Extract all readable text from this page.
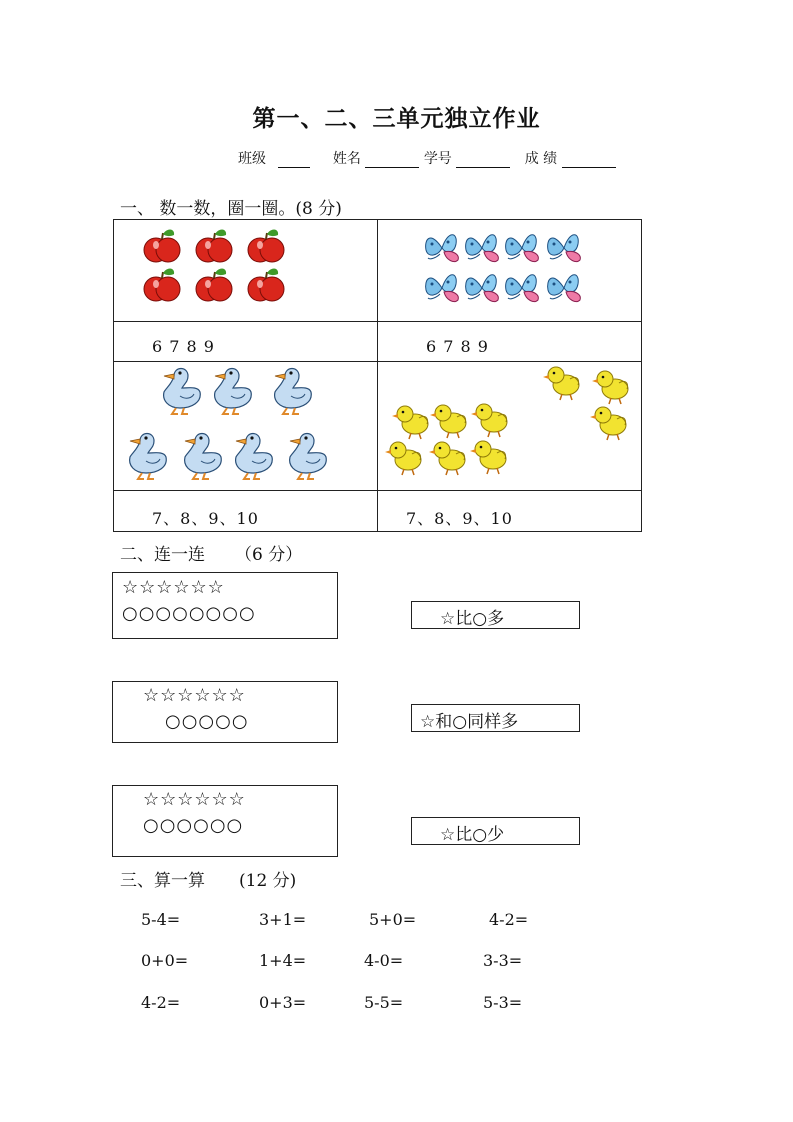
第一、二、三单元独立作业
班级	姓名	学号	成 绩
一、 数一数，圈一圈。(8 分)

6 7 8 9	6 7 8 9

7、8、9、10	7、8、9、10
二、连一连 （6 分）
☆☆☆☆☆☆
○○○○○○○○
☆☆☆☆☆☆
○○○○○
☆☆☆☆☆☆
○○○○○○
☆比○多
☆和○同样多
☆比○少
三、算一算 (12 分)
5-4=	3+1=	5+0=	4-2=
0+0=	1+4=	4-0=	3-3=
4-2=	0+3=	5-5=	5-3=
